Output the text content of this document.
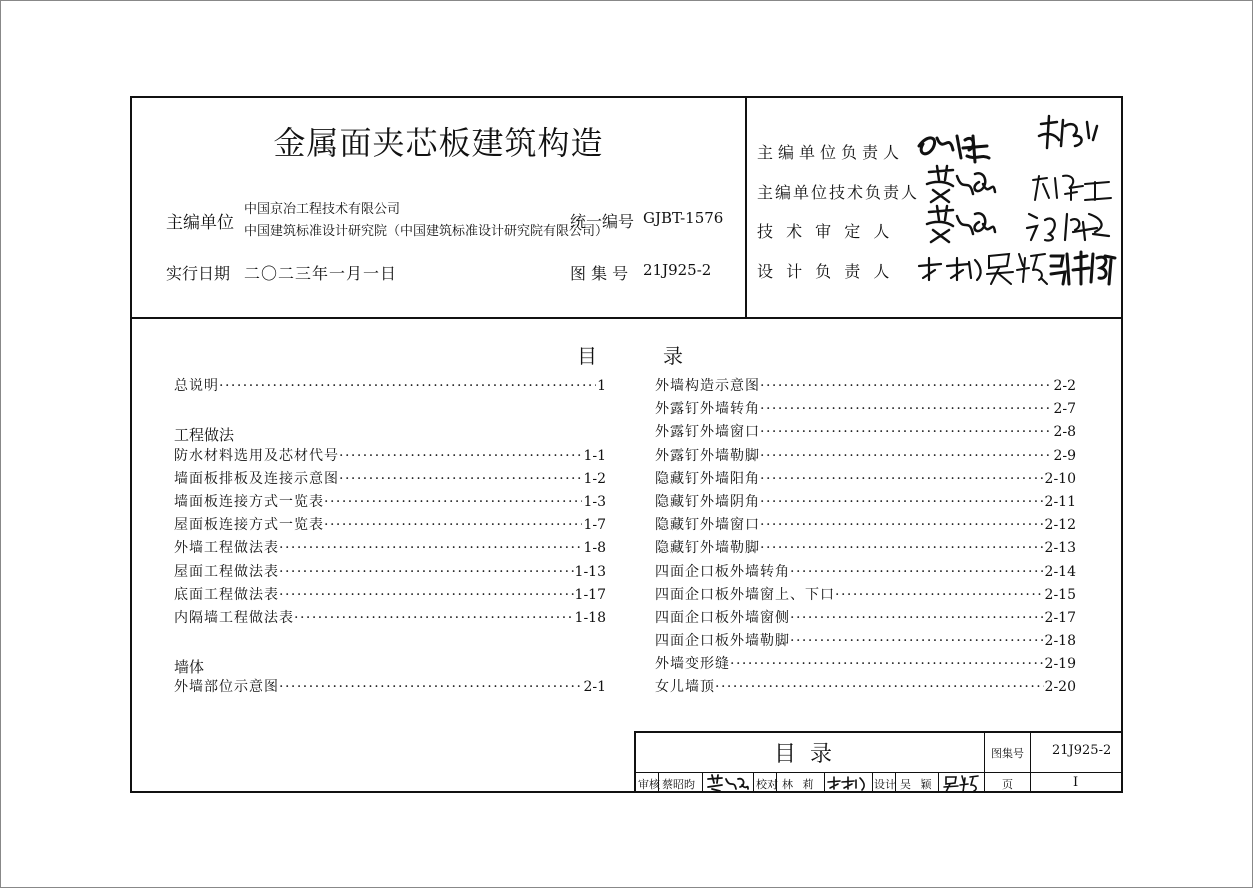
金属面夹芯板建筑构造
主编单位
中国京冶工程技术有限公司
中国建筑标准设计研究院（中国建筑标准设计研究院有限公司）
统一编号 GJBT-1576
实行日期 二〇二三年一月一日	图 集 号 21J925-2
主编单位负责人
主编单位技术负责人
技 术 审 定 人
设 计 负 责 人
目	录
总说明 ·····	1
工程做法
防水材料选用及芯材代号 ·····	1-1
墙面板排板及连接示意图 ·····	1-2
墙面板连接方式一览表 ·····	1-3
屋面板连接方式一览表 ·····	1-7
外墙工程做法表 ·····	1-8
屋面工程做法表 ·····	1-13
底面工程做法表 ·····	1-17
内隔墙工程做法表 ·····	1-18
墙体
外墙部位示意图 ·····	2-1
外墙构造示意图 ·····	2-2
外露钉外墙转角 ·····	2-7
外露钉外墙窗口 ·····	2-8
外露钉外墙勒脚 ·····	2-9
隐藏钉外墙阳角 ·····	2-10
隐藏钉外墙阴角 ·····	2-11
隐藏钉外墙窗口 ·····	2-12
隐藏钉外墙勒脚 ·····	2-13
四面企口板外墙转角 ·····	2-14
四面企口板外墙窗上、下口 ·····	2-15
四面企口板外墙窗侧 ·····	2-17
四面企口板外墙勒脚 ·····	2-18
外墙变形缝 ·····	2-19
女儿墙顶 ·····	2-20
目录	图集号 21J925-2
页	I
审核 蔡昭昀	校对 林 莉	设计 吴 颖
